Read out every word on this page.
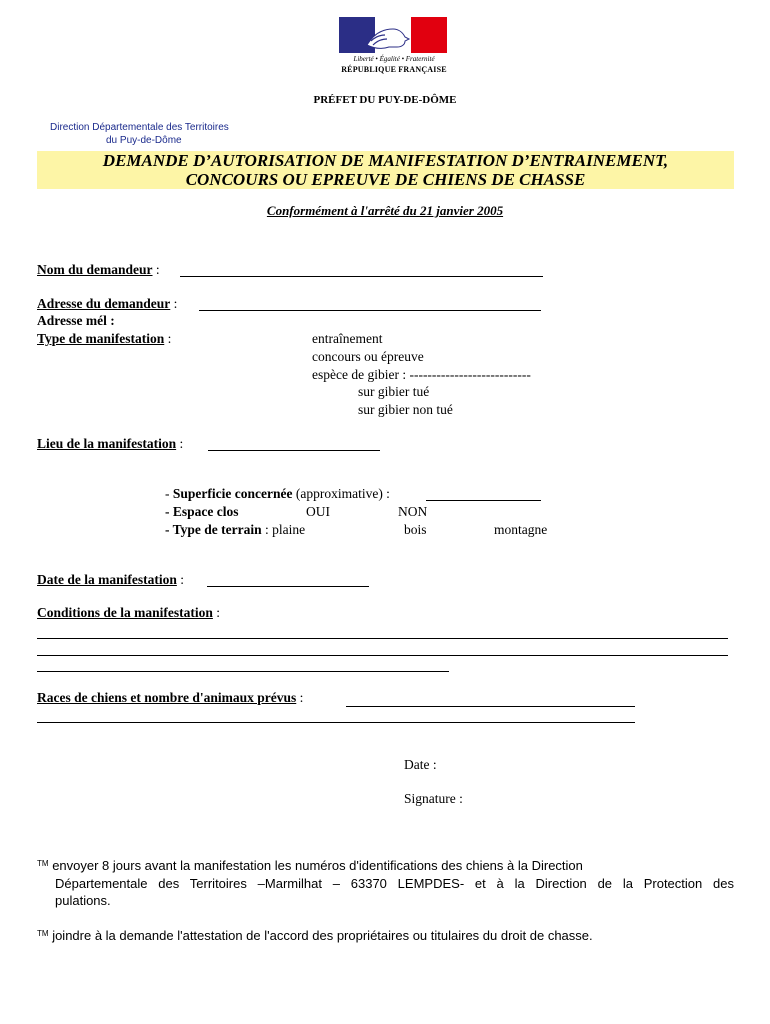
Liberté • Égalité • Fraternité
RÉPUBLIQUE FRANÇAISE
PRÉFET DU PUY-DE-DÔME
Direction Départementale des Territoires
du Puy-de-Dôme
DEMANDE D’AUTORISATION DE MANIFESTATION D’ENTRAINEMENT,
CONCOURS OU EPREUVE DE CHIENS DE CHASSE
Conformément à l'arrêté du 21 janvier 2005
Nom du demandeur :
Adresse du demandeur :
Adresse mél :
Type de manifestation :	entraînement
concours ou épreuve
espèce de gibier : ---------------------------
sur gibier tué
sur gibier non tué
Lieu de la manifestation :
- Superficie concernée (approximative) :
- Espace clos	OUI	NON
- Type de terrain : plaine	bois	montagne
Date de la manifestation :
Conditions de la manifestation :
Races de chiens et nombre d'animaux prévus :
Date :
Signature :
™ envoyer 8 jours avant la manifestation les numéros d'identifications des chiens à la Direction
Départementale des Territoires –Marmilhat – 63370 LEMPDES- et à la Direction de la Protection des
pulations.
™ joindre à la demande l'attestation de l'accord des propriétaires ou titulaires du droit de chasse.
